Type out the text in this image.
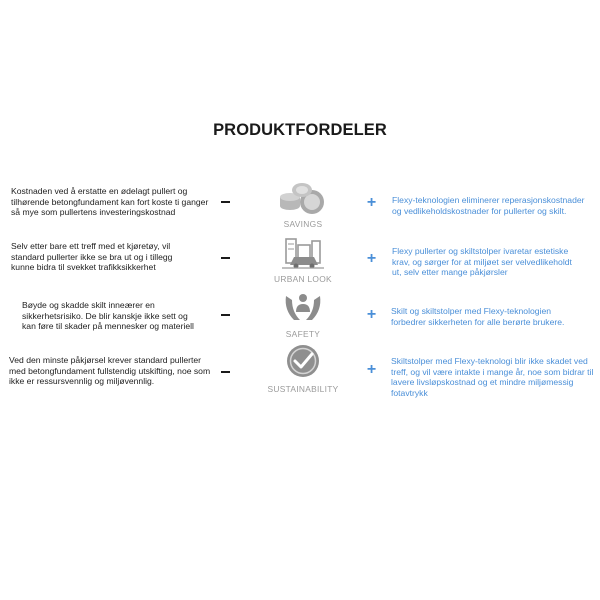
PRODUKTFORDELER
Kostnaden ved å erstatte en ødelagt pullert og
tilhørende betongfundament kan fort koste ti ganger
så mye som pullertens investeringskostnad
SAVINGS
+ Flexy-teknologien eliminerer reperasjonskostnader
og vedlikeholdskostnader for pullerter og skilt.
Selv etter bare ett treff med et kjøretøy, vil
standard pullerter ikke se bra ut og i tillegg
kunne bidra til svekket trafikksikkerhet
URBAN LOOK
+ Flexy pullerter og skiltstolper ivaretar estetiske
krav, og sørger for at miljøet ser velvedlikeholdt
ut, selv etter mange påkjørsler
Bøyde og skadde skilt inneærer en
sikkerhetsrisiko. De blir kanskje ikke sett og
kan føre til skader på mennesker og materiell
SAFETY
+ Skilt og skiltstolper med Flexy-teknologien
forbedrer sikkerheten for alle berørte brukere.
Ved den minste påkjørsel krever standard pullerter
med betongfundament fullstendig utskifting, noe som
ikke er ressursvennlig og miljøvennlig.
SUSTAINABILITY
+ Skiltstolper med Flexy-teknologi blir ikke skadet ved
treff, og vil være intakte i mange år, noe som bidrar til
lavere livsløpskostnad og et mindre miljømessig
fotavtrykk
